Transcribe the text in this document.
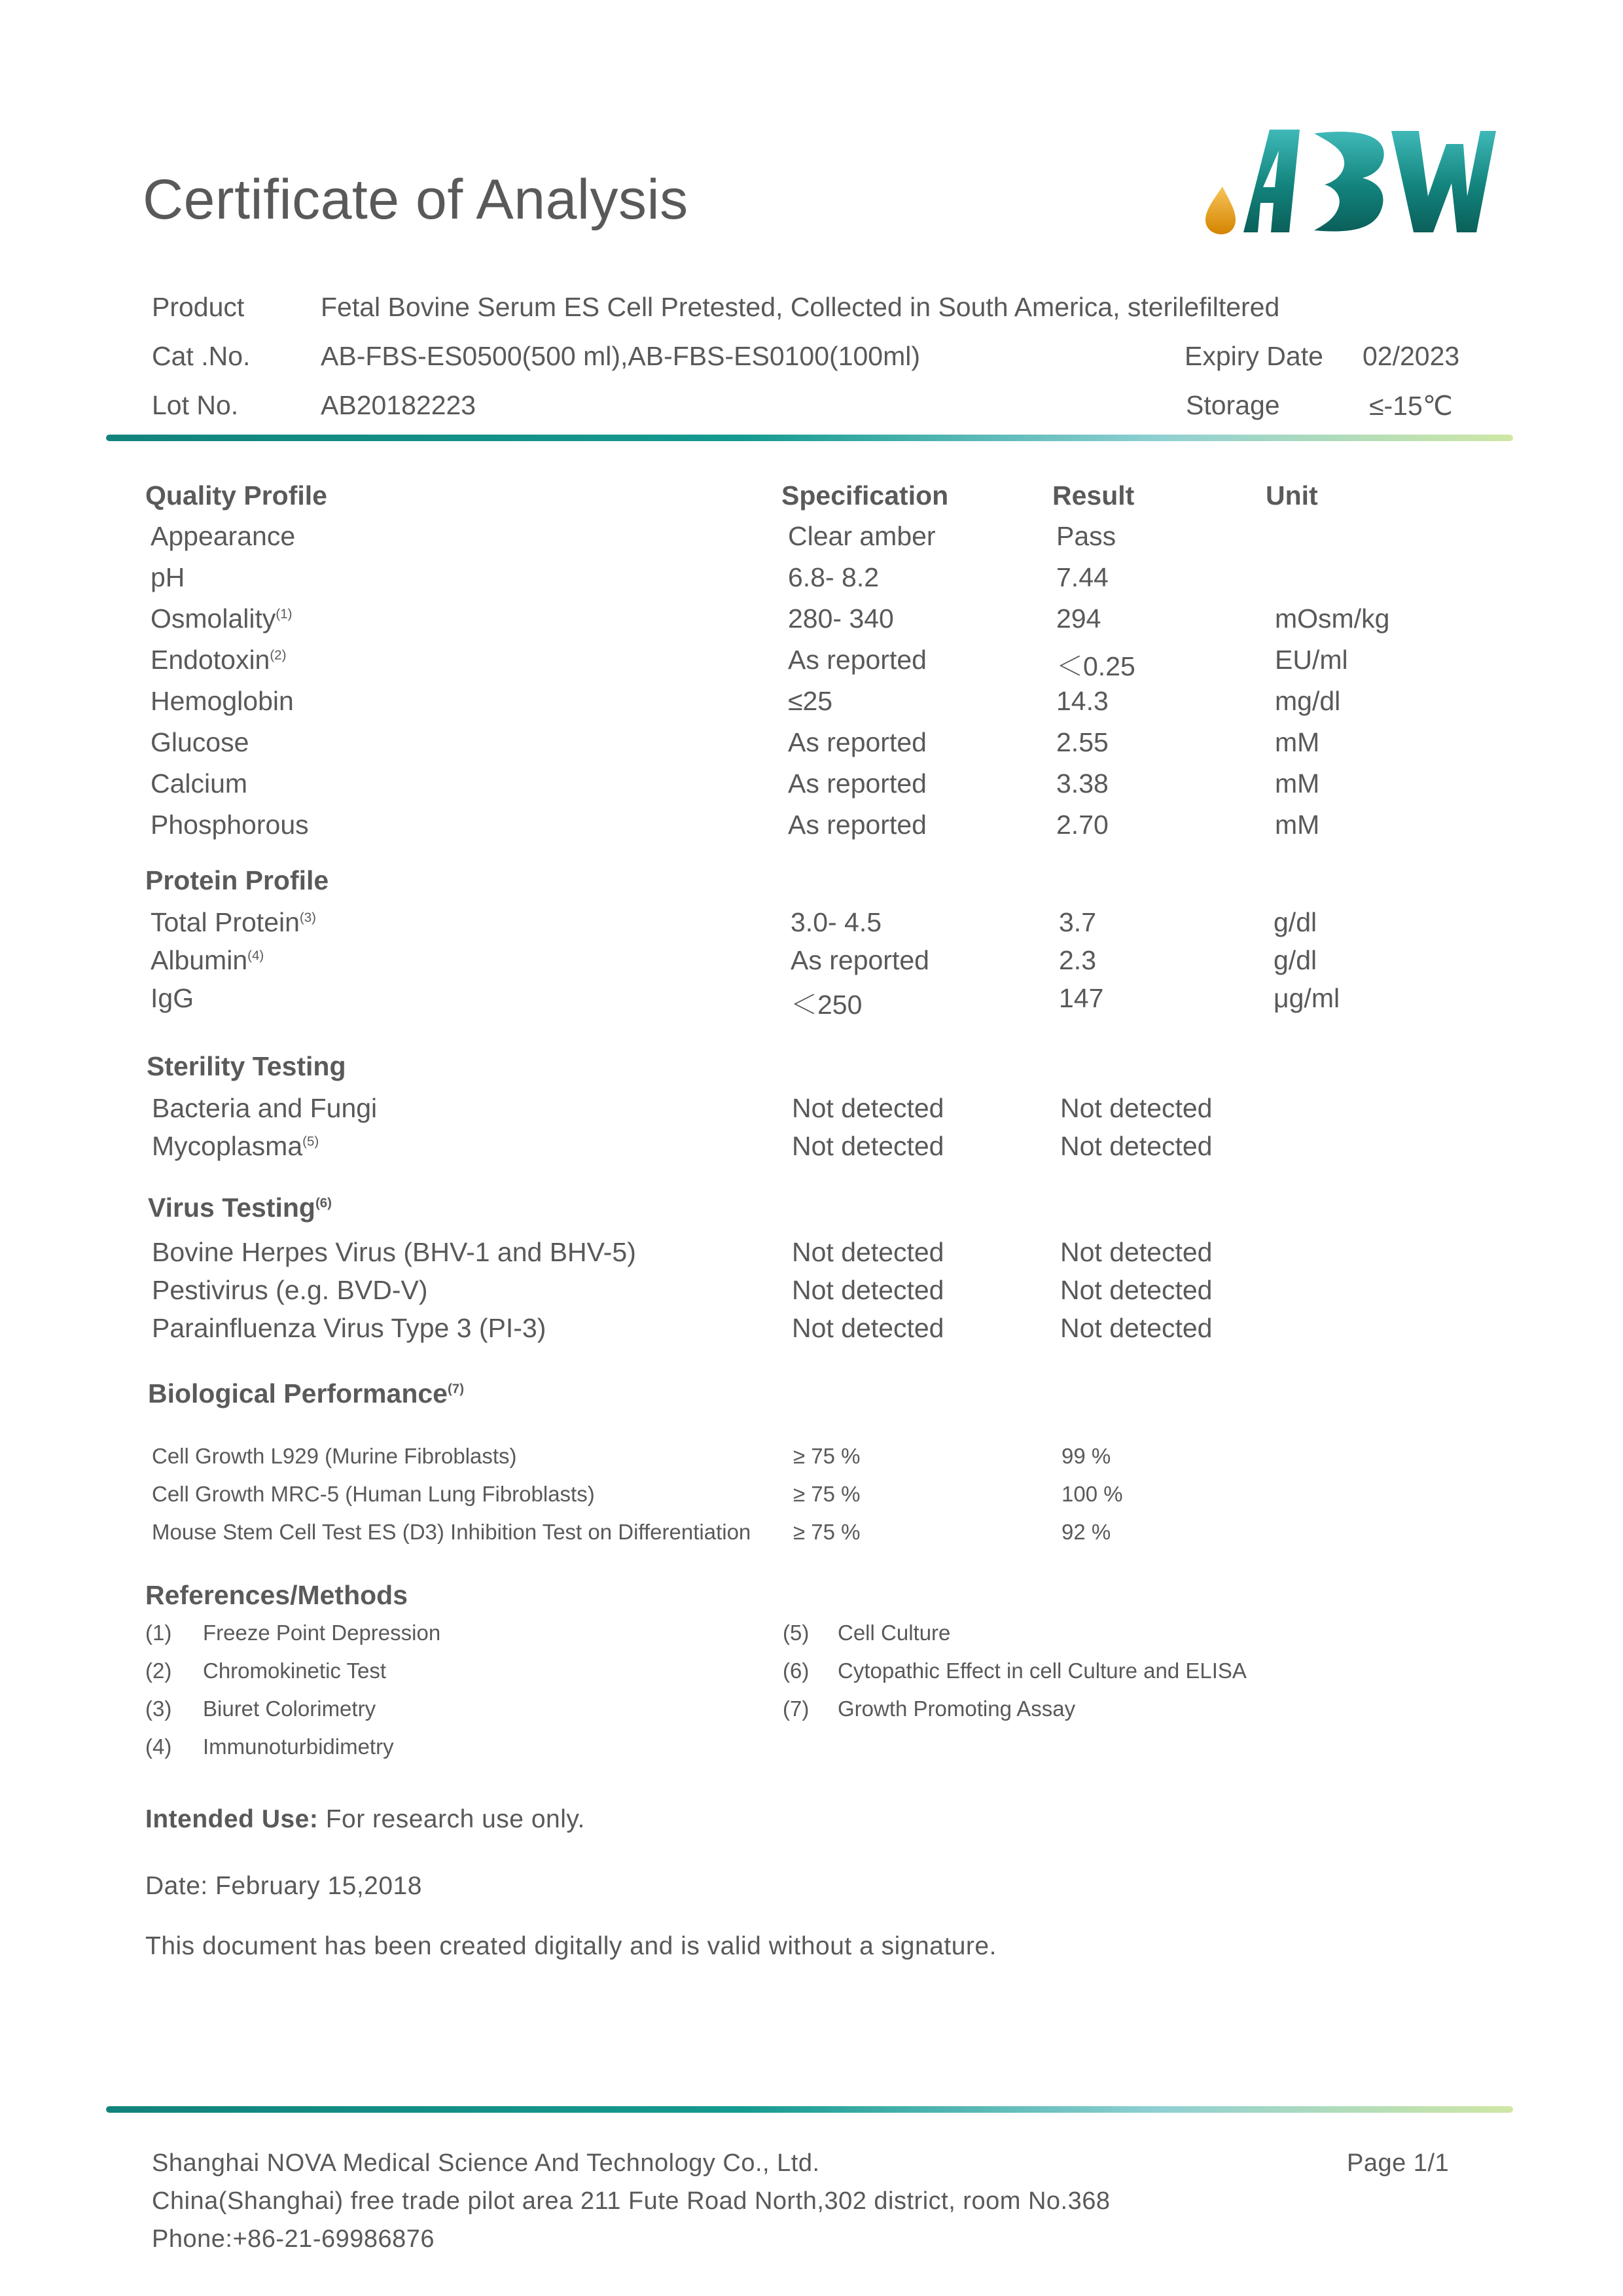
Certificate of Analysis
Product	Fetal Bovine Serum ES Cell Pretested, Collected in South America, sterilefiltered
Cat .No.	AB-FBS-ES0500(500 ml),AB-FBS-ES0100(100ml)	Expiry Date 02/2023
Lot No.	AB20182223	Storage	≤-15℃
Quality Profile	Specification	Result	Unit
Appearance	Clear amber	Pass
pH	6.8- 8.2	7.44
Osmolality$^{(1)}$	280- 340	294	mOsm/kg
Endotoxin$^{(2)}$	As reported	＜0.25	EU/ml
Hemoglobin	≤25	14.3	mg/dl
Glucose	As reported	2.55	mM
Calcium	As reported	3.38	mM
Phosphorous	As reported	2.70	mM
Protein Profile
Total Protein$^{(3)}$	3.0- 4.5	3.7	g/dl
Albumin$^{(4)}$	As reported	2.3	g/dl
IgG	＜250	147	μg/ml
Sterility Testing
Bacteria and Fungi	Not detected	Not detected
Mycoplasma$^{(5)}$	Not detected	Not detected
Virus Testing$^{(6)}$
Bovine Herpes Virus (BHV-1 and BHV-5)	Not detected	Not detected
Pestivirus (e.g. BVD-V)	Not detected	Not detected
Parainfluenza Virus Type 3 (PI-3)	Not detected	Not detected
Biological Performance$^{(7)}$
Cell Growth L929 (Murine Fibroblasts)	≥ 75 %	99 %
Cell Growth MRC-5 (Human Lung Fibroblasts)	≥ 75 %	100 %
Mouse Stem Cell Test ES (D3) Inhibition Test on Differentiation ≥ 75 %	92 %
References/Methods
(1) Freeze Point Depression
(2) Chromokinetic Test
(3) Biuret Colorimetry
(4) Immunoturbidimetry
(5) Cell Culture
(6) Cytopathic Effect in cell Culture and ELISA
(7) Growth Promoting Assay
Intended Use: For research use only.
Date: February 15,2018
This document has been created digitally and is valid without a signature.
Shanghai NOVA Medical Science And Technology Co., Ltd.	Page 1/1
China(Shanghai) free trade pilot area 211 Fute Road North,302 district, room No.368
Phone:+86-21-69986876
